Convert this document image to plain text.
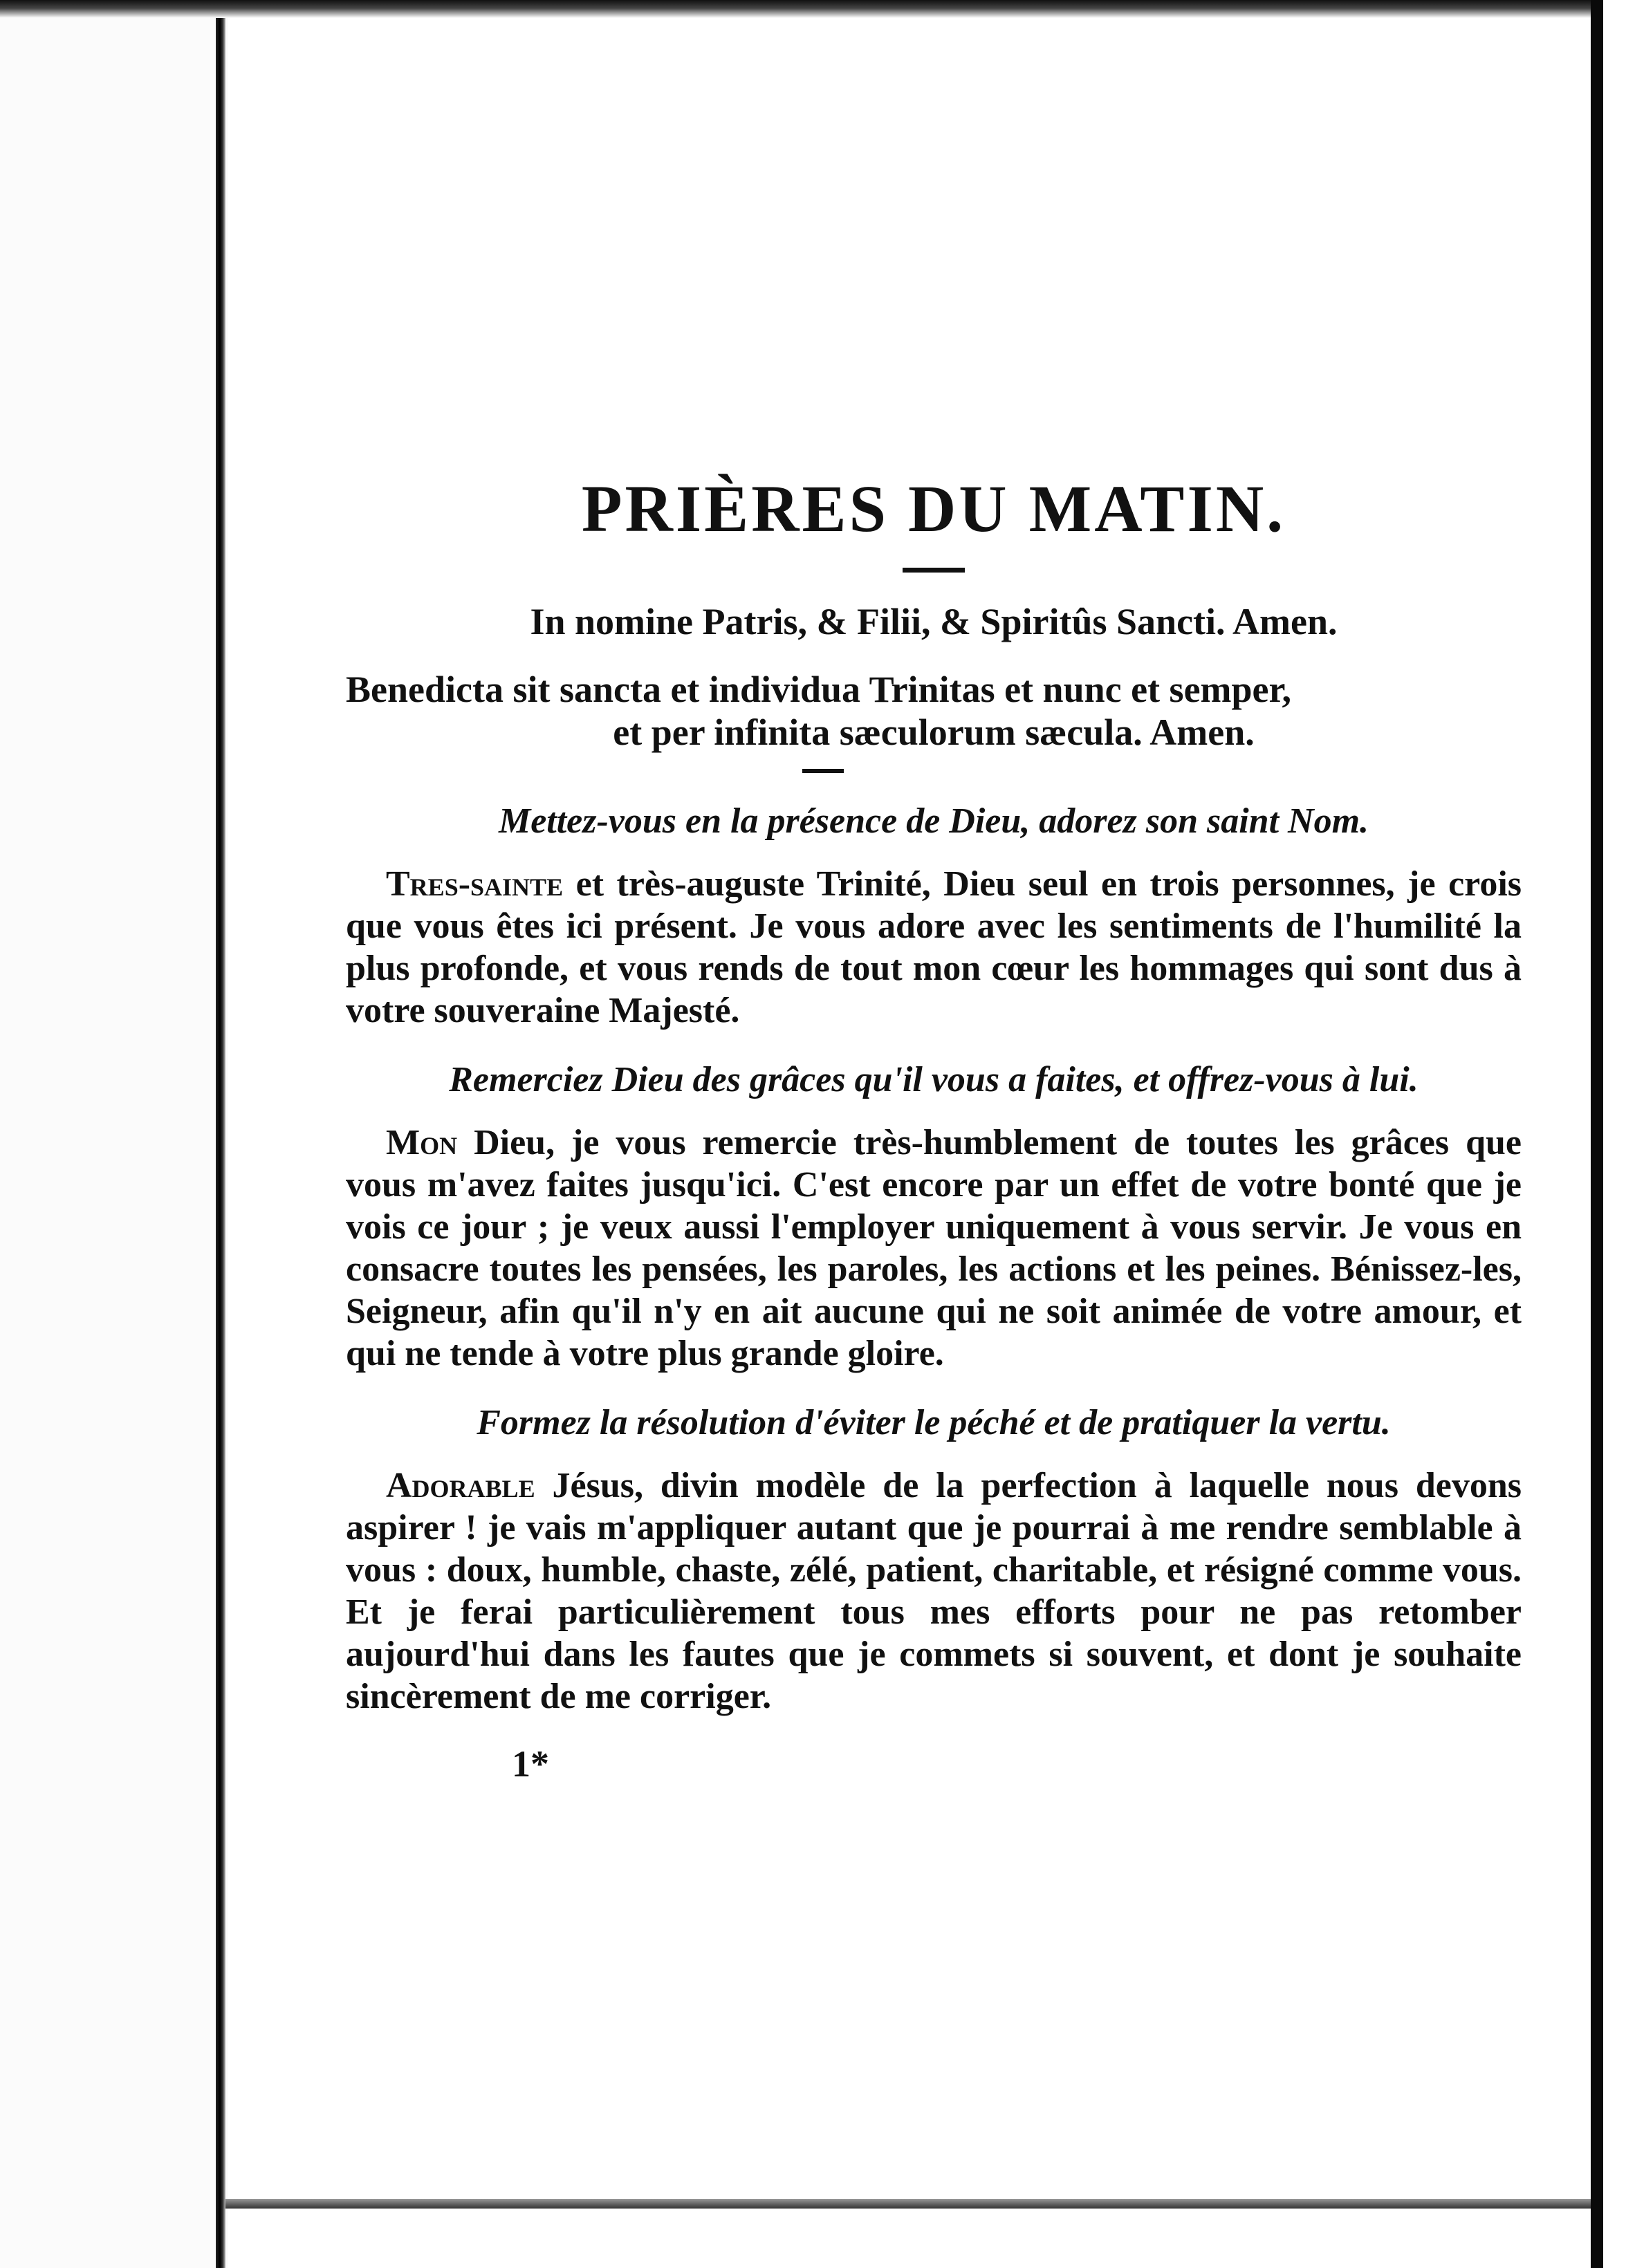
PRIÈRES DU MATIN.
In nomine Patris, & Filii, & Spiritûs Sancti. Amen.
Benedicta sit sancta et individua Trinitas et nunc et semper,
et per infinita sæculorum sæcula. Amen.
Mettez-vous en la présence de Dieu, adorez son saint Nom.

Tres-sainte et très-auguste Trinité, Dieu seul en trois personnes, je crois que vous êtes ici présent. Je vous adore avec les sentiments de l'humilité la plus profonde, et vous rends de tout mon cœur les hommages qui sont dus à votre souveraine Majesté.

Remerciez Dieu des grâces qu'il vous a faites, et offrez-vous à lui.

Mon Dieu, je vous remercie très-humblement de toutes les grâces que vous m'avez faites jusqu'ici. C'est encore par un effet de votre bonté que je vois ce jour ; je veux aussi l'employer uniquement à vous servir. Je vous en consacre toutes les pensées, les paroles, les actions et les peines. Bénissez-les, Seigneur, afin qu'il n'y en ait aucune qui ne soit animée de votre amour, et qui ne tende à votre plus grande gloire.

Formez la résolution d'éviter le péché et de pratiquer la vertu.

Adorable Jésus, divin modèle de la perfection à laquelle nous devons aspirer ! je vais m'appliquer autant que je pourrai à me rendre semblable à vous : doux, humble, chaste, zélé, patient, charitable, et résigné comme vous. Et je ferai particulièrement tous mes efforts pour ne pas retomber aujourd'hui dans les fautes que je commets si souvent, et dont je souhaite sincèrement de me corriger.

1*
